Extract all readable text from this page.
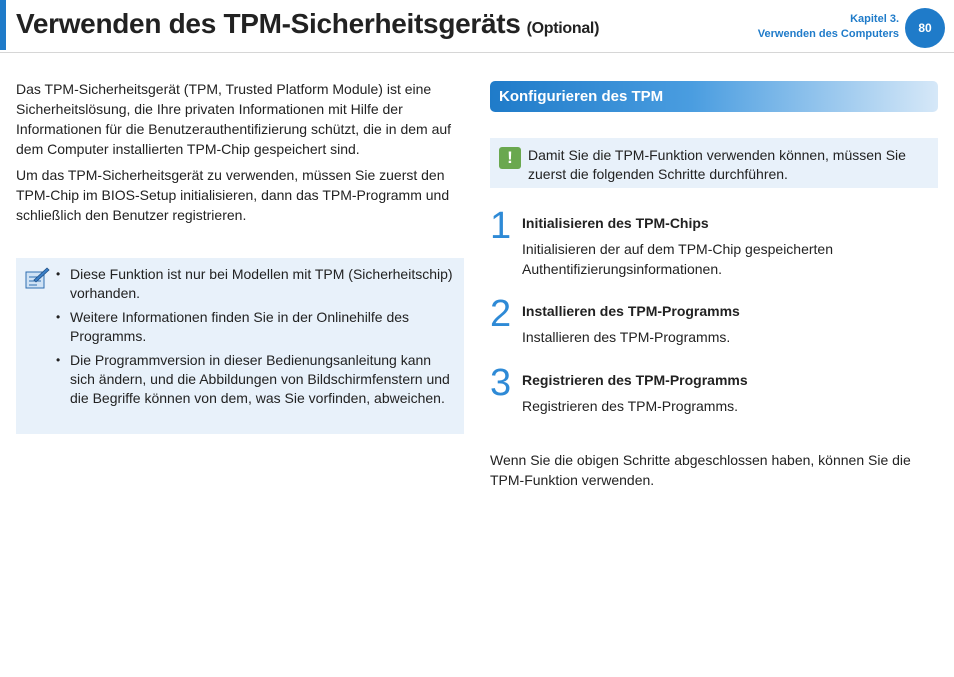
Verwenden des TPM-Sicherheitsgeräts (Optional)
Kapitel 3.
Verwenden des Computers	80

Das TPM-Sicherheitsgerät (TPM, Trusted Platform Module) ist eine Sicherheitslösung, die Ihre privaten Informationen mit Hilfe der Informationen für die Benutzerauthentifizierung schützt, die in dem auf dem Computer installierten TPM-Chip gespeichert sind.

Um das TPM-Sicherheitsgerät zu verwenden, müssen Sie zuerst den TPM-Chip im BIOS-Setup initialisieren, dann das TPM-Programm und schließlich den Benutzer registrieren.

• Diese Funktion ist nur bei Modellen mit TPM (Sicherheitschip) vorhanden.
• Weitere Informationen finden Sie in der Onlinehilfe des Programms.
• Die Programmversion in dieser Bedienungsanleitung kann sich ändern, und die Abbildungen von Bildschirmfenstern und die Begriffe können von dem, was Sie vorfinden, abweichen.
Konfigurieren des TPM
!	Damit Sie die TPM-Funktion verwenden können, müssen Sie zuerst die folgenden Schritte durchführen.
1 Initialisieren des TPM-Chips
Initialisieren der auf dem TPM-Chip gespeicherten Authentifizierungsinformationen.
2 Installieren des TPM-Programms
Installieren des TPM-Programms.
3 Registrieren des TPM-Programms
Registrieren des TPM-Programms.
Wenn Sie die obigen Schritte abgeschlossen haben, können Sie die TPM-Funktion verwenden.
